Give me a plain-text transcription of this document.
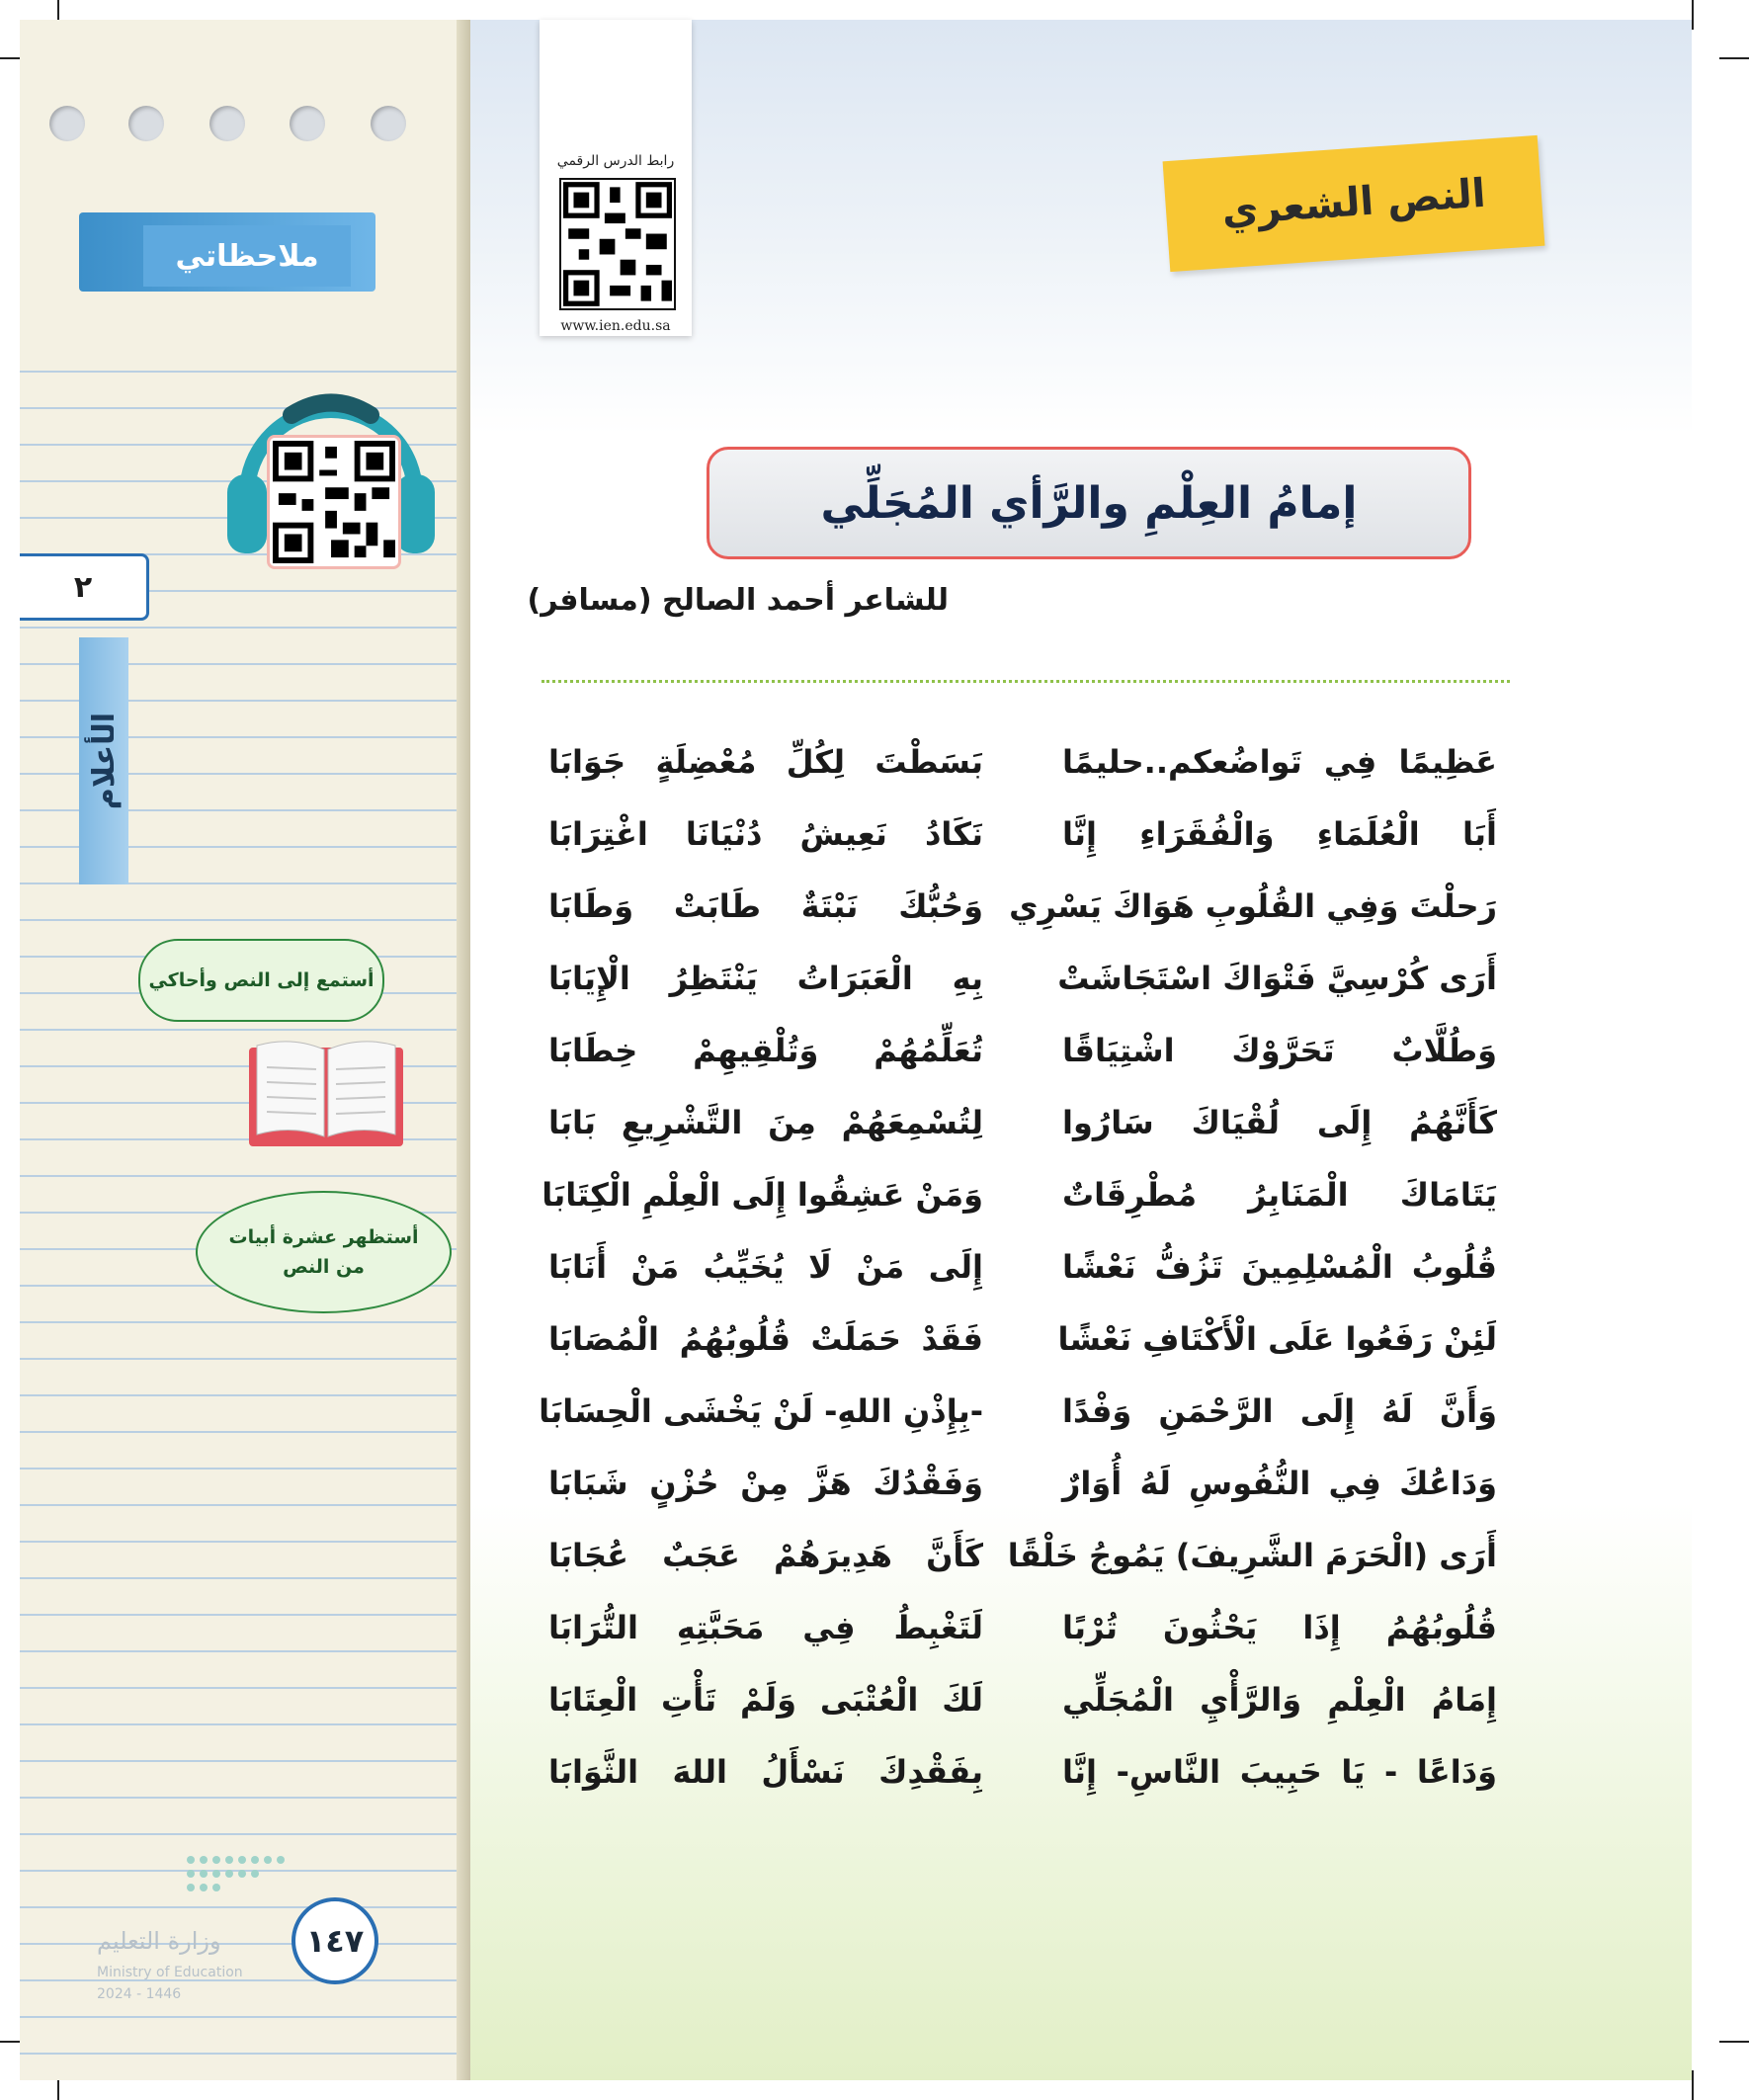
ملاحظاتي
٢
الأعلام
أستمع إلى النص وأحاكي
أستظهر عشرة أبيات
من النص
وزارة التعليم
Ministry of Education
2024 - 1446
١٤٧
النص الشعري
رابط الدرس الرقمي
www.ien.edu.sa
إمامُ العِلْمِ والرَّأي المُجَلِّي
للشاعر أحمد الصالح (مسافر)
عَظِيمًا فِي تَواضُعكم..حليمًا
أَبَا الْعُلَمَاءِ وَالْفُقَرَاءِ إِنَّا
رَحلْتَ وَفِي القُلُوبِ هَوَاكَ يَسْرِي
أَرَى كُرْسِيَّ فَتْوَاكَ اسْتَجَاشَتْ
وَطُلَّابٌ تَحَرَّوْكَ اشْتِيَاقًا
كَأَنَّهُمُ إِلَى لُقْيَاكَ سَارُوا
يَتَامَاكَ الْمَنَابِرُ مُطْرِقَاتٌ
قُلُوبُ الْمُسْلِمِينَ تَزُفُّ نَعْشًا
لَئِنْ رَفَعُوا عَلَى الْأَكْتَافِ نَعْشًا
وَأَنَّ لَهُ إِلَى الرَّحْمَنِ وَفْدًا
وَدَاعُكَ فِي النُّفُوسِ لَهُ أُوَارٌ
أَرَى (الْحَرَمَ الشَّرِيفَ) يَمُوجُ خَلْقًا
قُلُوبُهُمُ إِذَا يَحْثُونَ تُرْبًا
إِمَامُ الْعِلْمِ وَالرَّأْيِ الْمُجَلِّي
وَدَاعًا - يَا حَبِيبَ النَّاسِ- إِنَّا
بَسَطْتَ لِكُلِّ مُعْضِلَةٍ جَوَابَا
نَكَادُ نَعِيشُ دُنْيَانَا اغْتِرَابَا
وَحُبُّكَ نَبْتَةٌ طَابَتْ وَطَابَا
بِهِ الْعَبَرَاتُ يَنْتَظِرُ الْإِيَابَا
تُعَلِّمُهُمْ وَتُلْقِيهِمْ خِطَابَا
لِتُسْمِعَهُمْ مِنَ التَّشْرِيعِ بَابَا
وَمَنْ عَشِقُوا إِلَى الْعِلْمِ الْكِتَابَا
إِلَى مَنْ لَا يُخَيِّبُ مَنْ أَنَابَا
فَقَدْ حَمَلَتْ قُلُوبُهُمُ الْمُصَابَا
-بِإِذْنِ اللهِ- لَنْ يَخْشَى الْحِسَابَا
وَفَقْدُكَ هَزَّ مِنْ حُزْنٍ شَبَابَا
كَأَنَّ هَدِيرَهُمْ عَجَبٌ عُجَابَا
لَتَغْبِطُ فِي مَحَبَّتِهِ التُّرَابَا
لَكَ الْعُتْبَى وَلَمْ تَأْتِ الْعِتَابَا
بِفَقْدِكَ نَسْأَلُ اللهَ الثَّوَابَا
